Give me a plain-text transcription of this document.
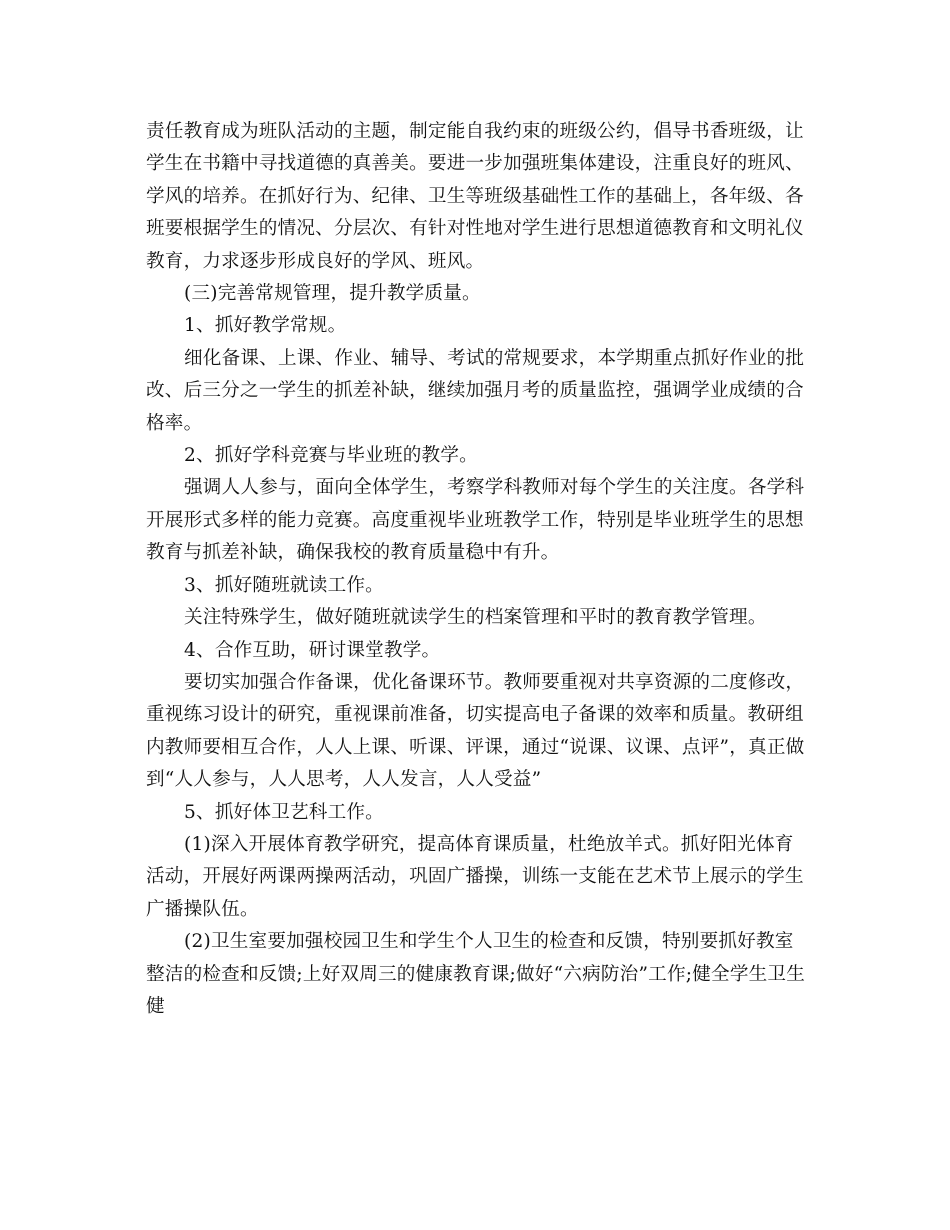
责任教育成为班队活动的主题，制定能自我约束的班级公约，倡导书香班级，让学生在书籍中寻找道德的真善美。要进一步加强班集体建设，注重良好的班风、学风的培养。在抓好行为、纪律、卫生等班级基础性工作的基础上，各年级、各班要根据学生的情况、分层次、有针对性地对学生进行思想道德教育和文明礼仪教育，力求逐步形成良好的学风、班风。

(三)完善常规管理，提升教学质量。

1、抓好教学常规。

细化备课、上课、作业、辅导、考试的常规要求，本学期重点抓好作业的批改、后三分之一学生的抓差补缺，继续加强月考的质量监控，强调学业成绩的合格率。

2、抓好学科竞赛与毕业班的教学。

强调人人参与，面向全体学生，考察学科教师对每个学生的关注度。各学科开展形式多样的能力竞赛。高度重视毕业班教学工作，特别是毕业班学生的思想教育与抓差补缺，确保我校的教育质量稳中有升。

3、抓好随班就读工作。

关注特殊学生，做好随班就读学生的档案管理和平时的教育教学管理。

4、合作互助，研讨课堂教学。

要切实加强合作备课，优化备课环节。教师要重视对共享资源的二度修改，重视练习设计的研究，重视课前准备，切实提高电子备课的效率和质量。教研组内教师要相互合作，人人上课、听课、评课，通过“说课、议课、点评”，真正做到“人人参与，人人思考，人人发言，人人受益”

5、抓好体卫艺科工作。

(1)深入开展体育教学研究，提高体育课质量，杜绝放羊式。抓好阳光体育活动，开展好两课两操两活动，巩固广播操，训练一支能在艺术节上展示的学生广播操队伍。

(2)卫生室要加强校园卫生和学生个人卫生的检查和反馈，特别要抓好教室整洁的检查和反馈;上好双周三的健康教育课;做好“六病防治”工作;健全学生卫生健
